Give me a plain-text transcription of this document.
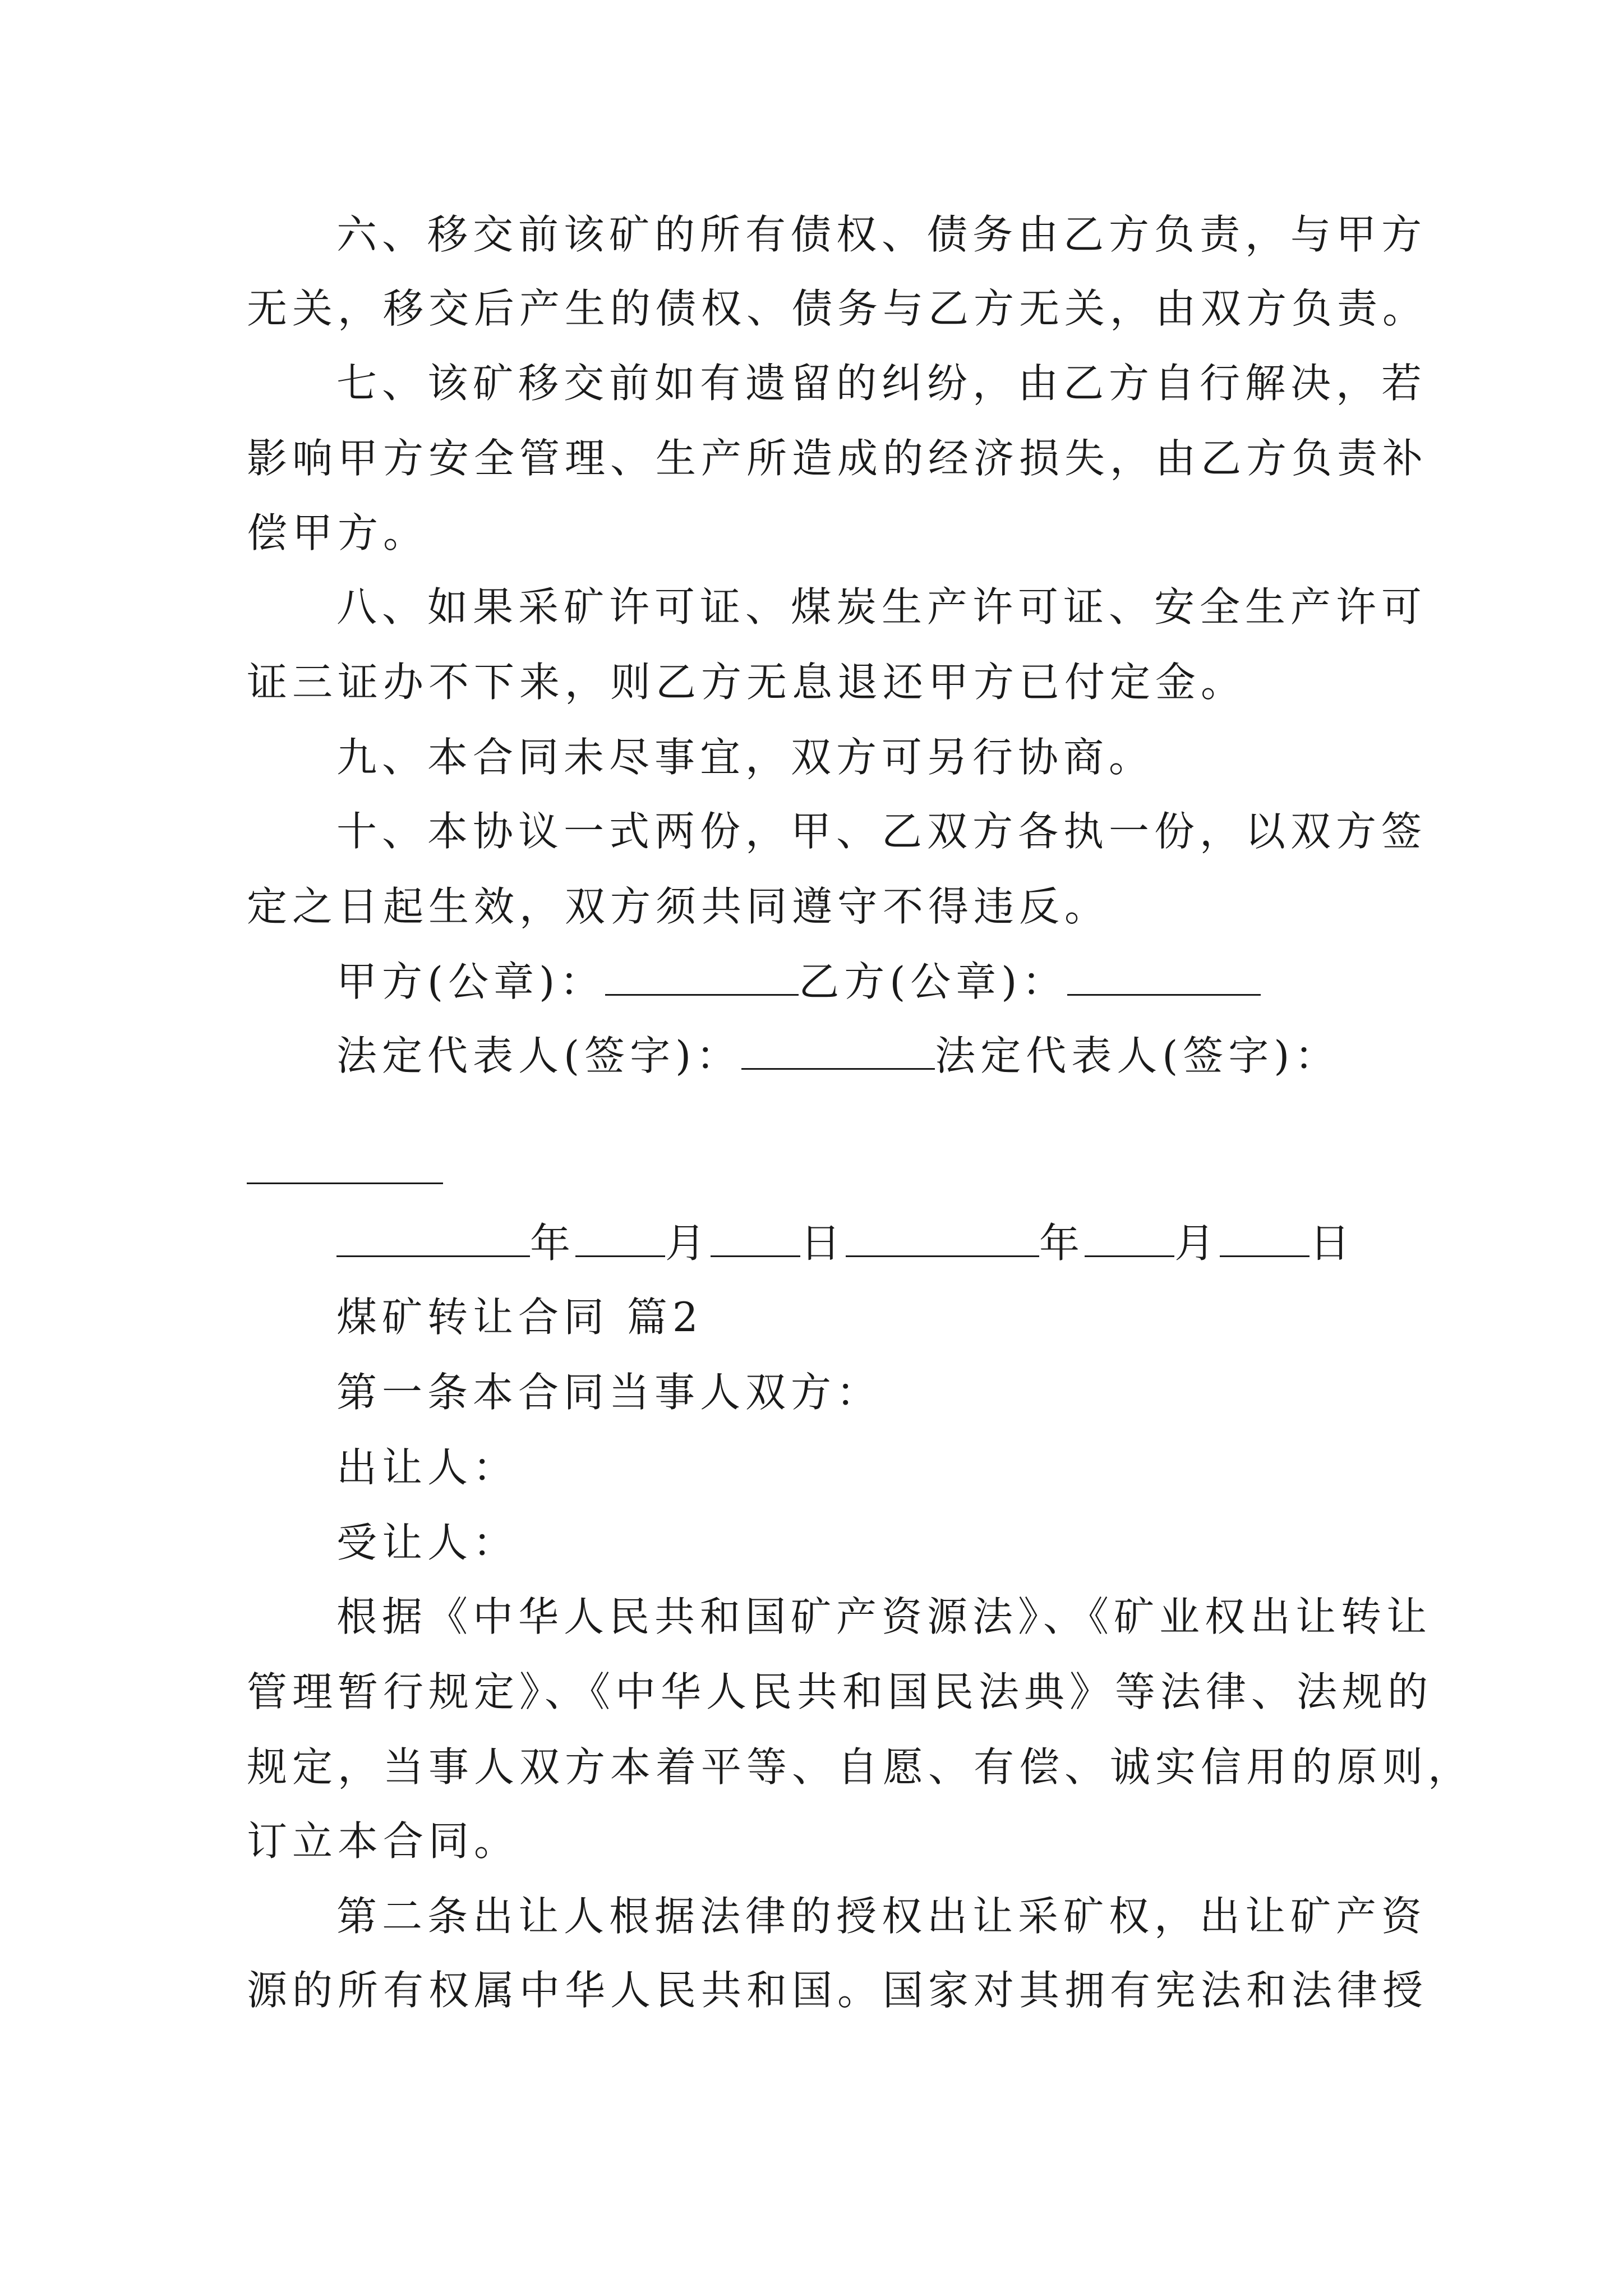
六、移交前该矿的所有债权、债务由乙方负责，与甲方
无关，移交后产生的债权、债务与乙方无关，由双方负责。
七、该矿移交前如有遗留的纠纷，由乙方自行解决，若
影响甲方安全管理、生产所造成的经济损失，由乙方负责补
偿甲方。
八、如果采矿许可证、煤炭生产许可证、安全生产许可
证三证办不下来，则乙方无息退还甲方已付定金。
九、本合同未尽事宜，双方可另行协商。
十、本协议一式两份，甲、乙双方各执一份，以双方签
定之日起生效，双方须共同遵守不得违反。
甲方(公章)：	乙方(公章)：
法定代表人(签字)：	法定代表人(签字)：
年 月 日	年 月 日
煤矿转让合同 篇2
第一条本合同当事人双方：
出让人：
受让人：
根据《中华人民共和国矿产资源法》、《矿业权出让转让
管理暂行规定》、《中华人民共和国民法典》等法律、法规的
规定，当事人双方本着平等、自愿、有偿、诚实信用的原则，
订立本合同。
第二条出让人根据法律的授权出让采矿权，出让矿产资
源的所有权属中华人民共和国。国家对其拥有宪法和法律授
